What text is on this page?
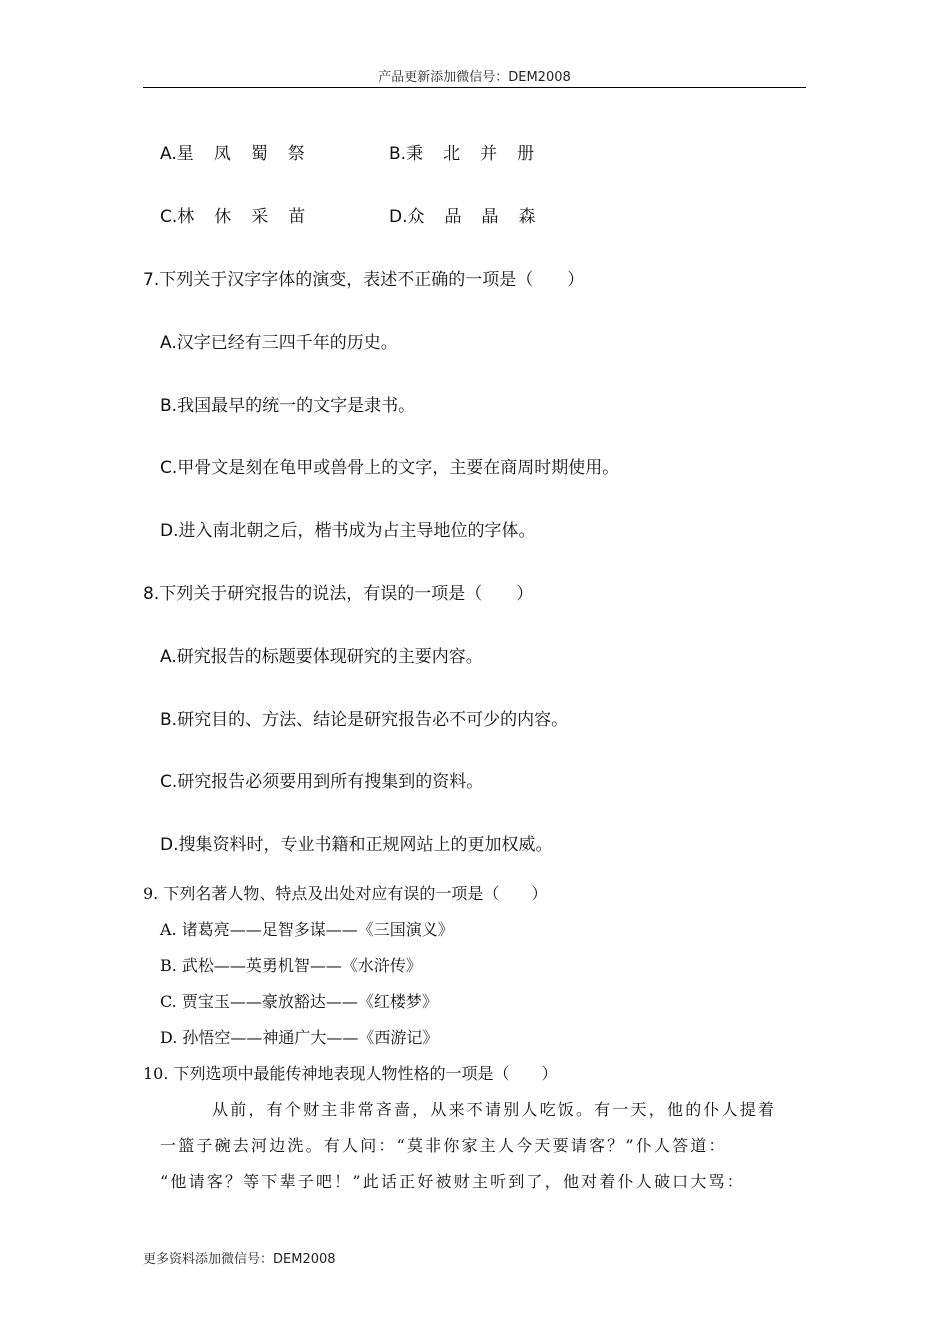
产品更新添加微信号：DEM2008
A.星 凤 蜀 祭	B.秉 北 并 册
C.林 休 采 苗	D.众 品 晶 森
7.下列关于汉字字体的演变，表述不正确的一项是（　　）
A.汉字已经有三四千年的历史。
B.我国最早的统一的文字是隶书。
C.甲骨文是刻在龟甲或兽骨上的文字，主要在商周时期使用。
D.进入南北朝之后，楷书成为占主导地位的字体。
8.下列关于研究报告的说法，有误的一项是（　　）
A.研究报告的标题要体现研究的主要内容。
B.研究目的、方法、结论是研究报告必不可少的内容。
C.研究报告必须要用到所有搜集到的资料。
D.搜集资料时，专业书籍和正规网站上的更加权威。
9. 下列名著人物、特点及出处对应有误的一项是（　　）
A. 诸葛亮——足智多谋——《三国演义》
B. 武松——英勇机智——《水浒传》
C. 贾宝玉——豪放豁达——《红楼梦》
D. 孙悟空——神通广大——《西游记》
10. 下列选项中最能传神地表现人物性格的一项是（　　）
从前，有个财主非常吝啬，从来不请别人吃饭。有一天，他的仆人提着
一篮子碗去河边洗。有人问：“莫非你家主人今天要请客？”仆人答道：
“他请客？等下辈子吧！”此话正好被财主听到了，他对着仆人破口大骂：
更多资料添加微信号：DEM2008
